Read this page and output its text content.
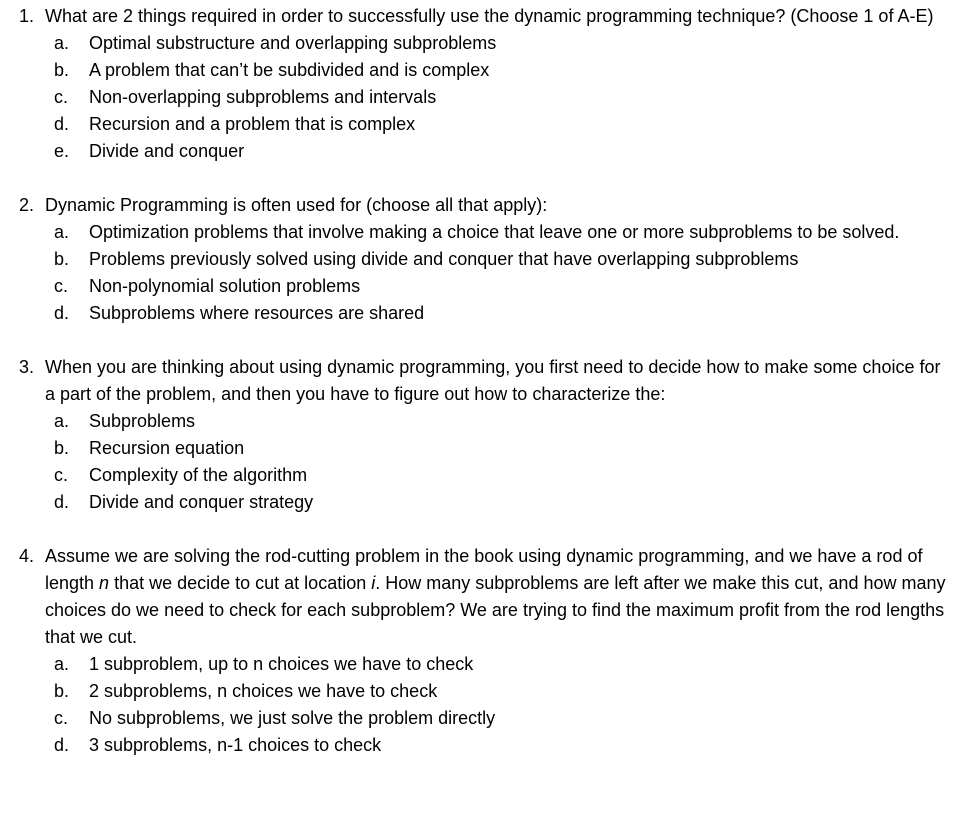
1. What are 2 things required in order to successfully use the dynamic programming technique? (Choose 1 of A-E)

a.	Optimal substructure and overlapping subproblems
b.	A problem that can’t be subdivided and is complex
c.	Non-overlapping subproblems and intervals
d.	Recursion and a problem that is complex
e.	Divide and conquer

2. Dynamic Programming is often used for (choose all that apply):

a.	Optimization problems that involve making a choice that leave one or more subproblems to be solved.
b.	Problems previously solved using divide and conquer that have overlapping subproblems
c.	Non-polynomial solution problems
d.	Subproblems where resources are shared

3. When you are thinking about using dynamic programming, you first need to decide how to make some choice for a part of the problem, and then you have to figure out how to characterize the:

a.	Subproblems
b.	Recursion equation
c.	Complexity of the algorithm
d.	Divide and conquer strategy

4. Assume we are solving the rod-cutting problem in the book using dynamic programming, and we have a rod of length n that we decide to cut at location i. How many subproblems are left after we make this cut, and how many choices do we need to check for each subproblem? We are trying to find the maximum profit from the rod lengths that we cut.

a.	1 subproblem, up to n choices we have to check
b.	2 subproblems, n choices we have to check
c.	No subproblems, we just solve the problem directly
d.	3 subproblems, n-1 choices to check
